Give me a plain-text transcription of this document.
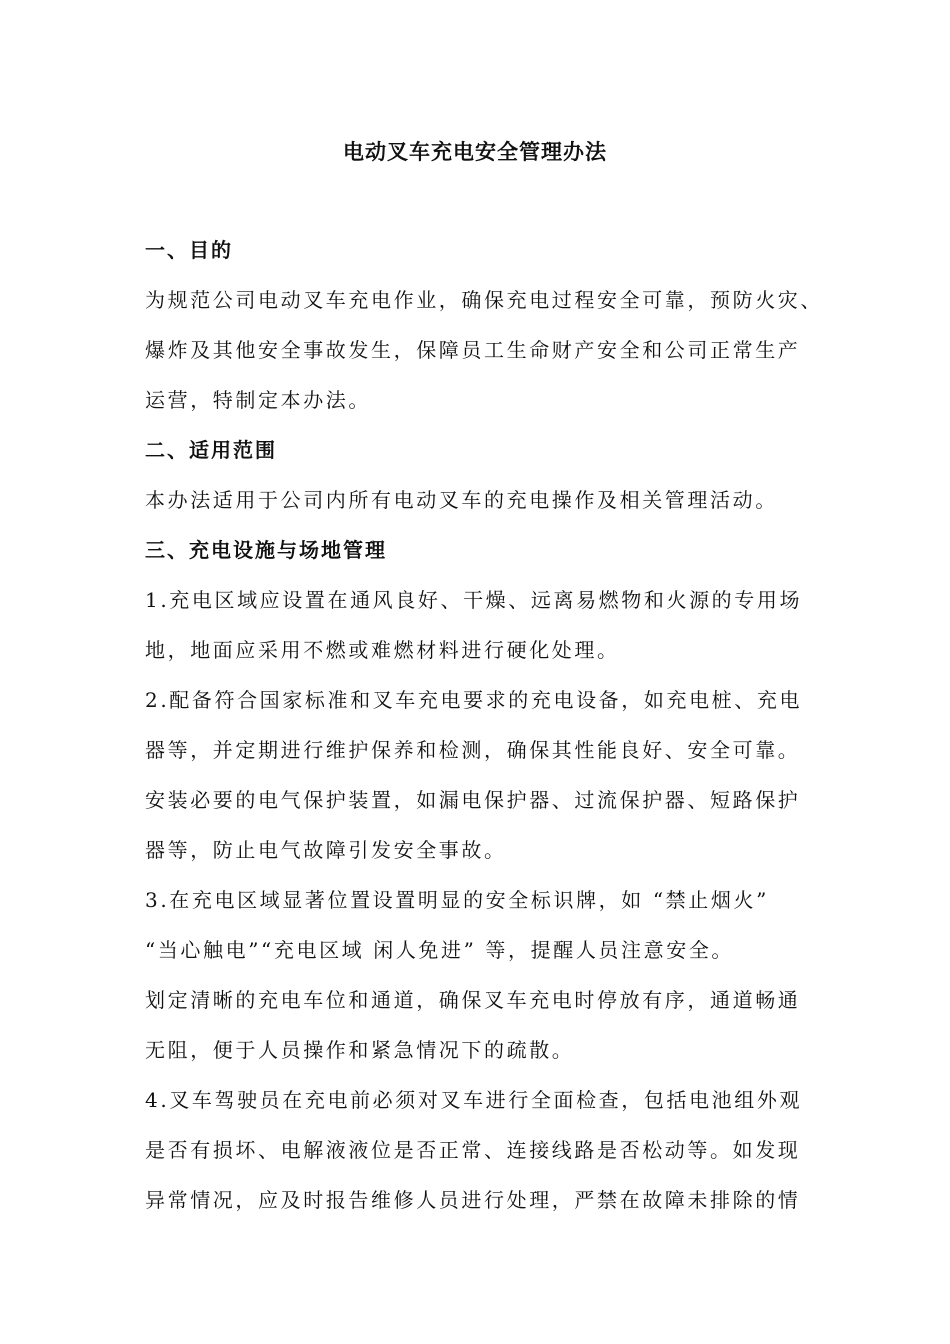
电动叉车充电安全管理办法
一、目的
为规范公司电动叉车充电作业，确保充电过程安全可靠，预防火灾、
爆炸及其他安全事故发生，保障员工生命财产安全和公司正常生产
运营，特制定本办法。
二、适用范围
本办法适用于公司内所有电动叉车的充电操作及相关管理活动。
三、充电设施与场地管理
1.充电区域应设置在通风良好、干燥、远离易燃物和火源的专用场
地，地面应采用不燃或难燃材料进行硬化处理。
2.配备符合国家标准和叉车充电要求的充电设备，如充电桩、充电
器等，并定期进行维护保养和检测，确保其性能良好、安全可靠。
安装必要的电气保护装置，如漏电保护器、过流保护器、短路保护
器等，防止电气故障引发安全事故。
3.在充电区域显著位置设置明显的安全标识牌，如 “禁止烟火”
“当心触电”“充电区域 闲人免进” 等，提醒人员注意安全。
划定清晰的充电车位和通道，确保叉车充电时停放有序，通道畅通
无阻，便于人员操作和紧急情况下的疏散。
4.叉车驾驶员在充电前必须对叉车进行全面检查，包括电池组外观
是否有损坏、电解液液位是否正常、连接线路是否松动等。如发现
异常情况，应及时报告维修人员进行处理，严禁在故障未排除的情
